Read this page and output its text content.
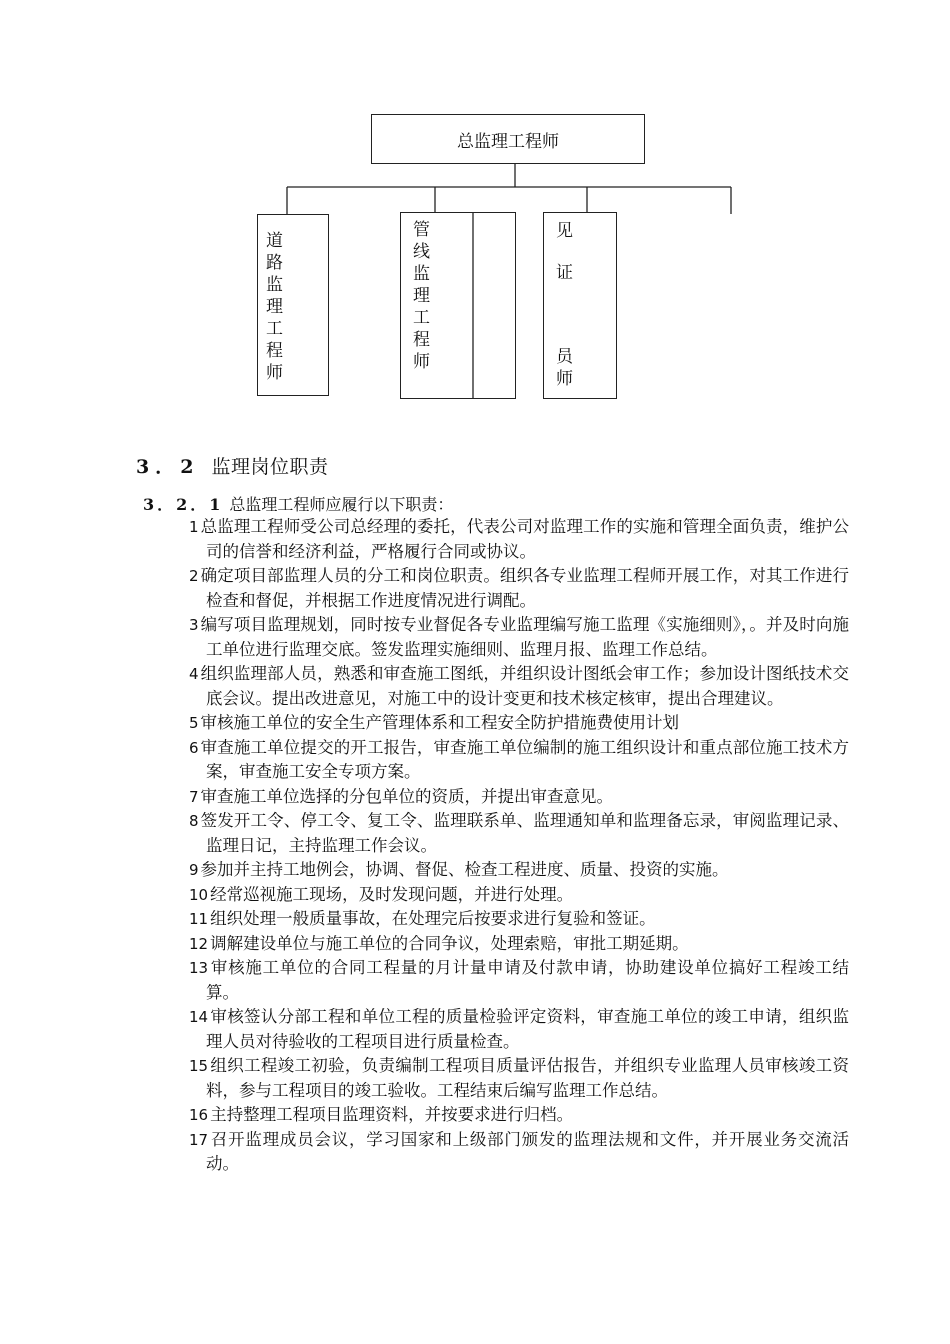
总监理工程师
道
路
监
理
工
程
师
管
线
监
理
工
程
师
见
证
员
师
3．2 监理岗位职责
3．2．1 总监理工程师应履行以下职责：
1 总监理工程师受公司总经理的委托，代表公司对监理工作的实施和管理全面负责，维护公司的信誉和经济利益，严格履行合同或协议。
2 确定项目部监理人员的分工和岗位职责。组织各专业监理工程师开展工作，对其工作进行检查和督促，并根据工作进度情况进行调配。
3 编写项目监理规划，同时按专业督促各专业监理编写施工监理《实施细则》，。并及时向施工单位进行监理交底。签发监理实施细则、监理月报、监理工作总结。
4 组织监理部人员，熟悉和审查施工图纸，并组织设计图纸会审工作；参加设计图纸技术交底会议。提出改进意见，对施工中的设计变更和技术核定核审，提出合理建议。
5 审核施工单位的安全生产管理体系和工程安全防护措施费使用计划
6 审查施工单位提交的开工报告，审查施工单位编制的施工组织设计和重点部位施工技术方案，审查施工安全专项方案。
7 审查施工单位选择的分包单位的资质，并提出审查意见。
8 签发开工令、停工令、复工令、监理联系单、监理通知单和监理备忘录，审阅监理记录、监理日记，主持监理工作会议。
9 参加并主持工地例会，协调、督促、检查工程进度、质量、投资的实施。
10 经常巡视施工现场，及时发现问题，并进行处理。
11 组织处理一般质量事故，在处理完后按要求进行复验和签证。
12 调解建设单位与施工单位的合同争议，处理索赔，审批工期延期。
13 审核施工单位的合同工程量的月计量申请及付款申请，协助建设单位搞好工程竣工结算。
14 审核签认分部工程和单位工程的质量检验评定资料，审查施工单位的竣工申请，组织监理人员对待验收的工程项目进行质量检查。
15 组织工程竣工初验，负责编制工程项目质量评估报告，并组织专业监理人员审核竣工资料，参与工程项目的竣工验收。工程结束后编写监理工作总结。
16 主持整理工程项目监理资料，并按要求进行归档。
17 召开监理成员会议，学习国家和上级部门颁发的监理法规和文件，并开展业务交流活动。
